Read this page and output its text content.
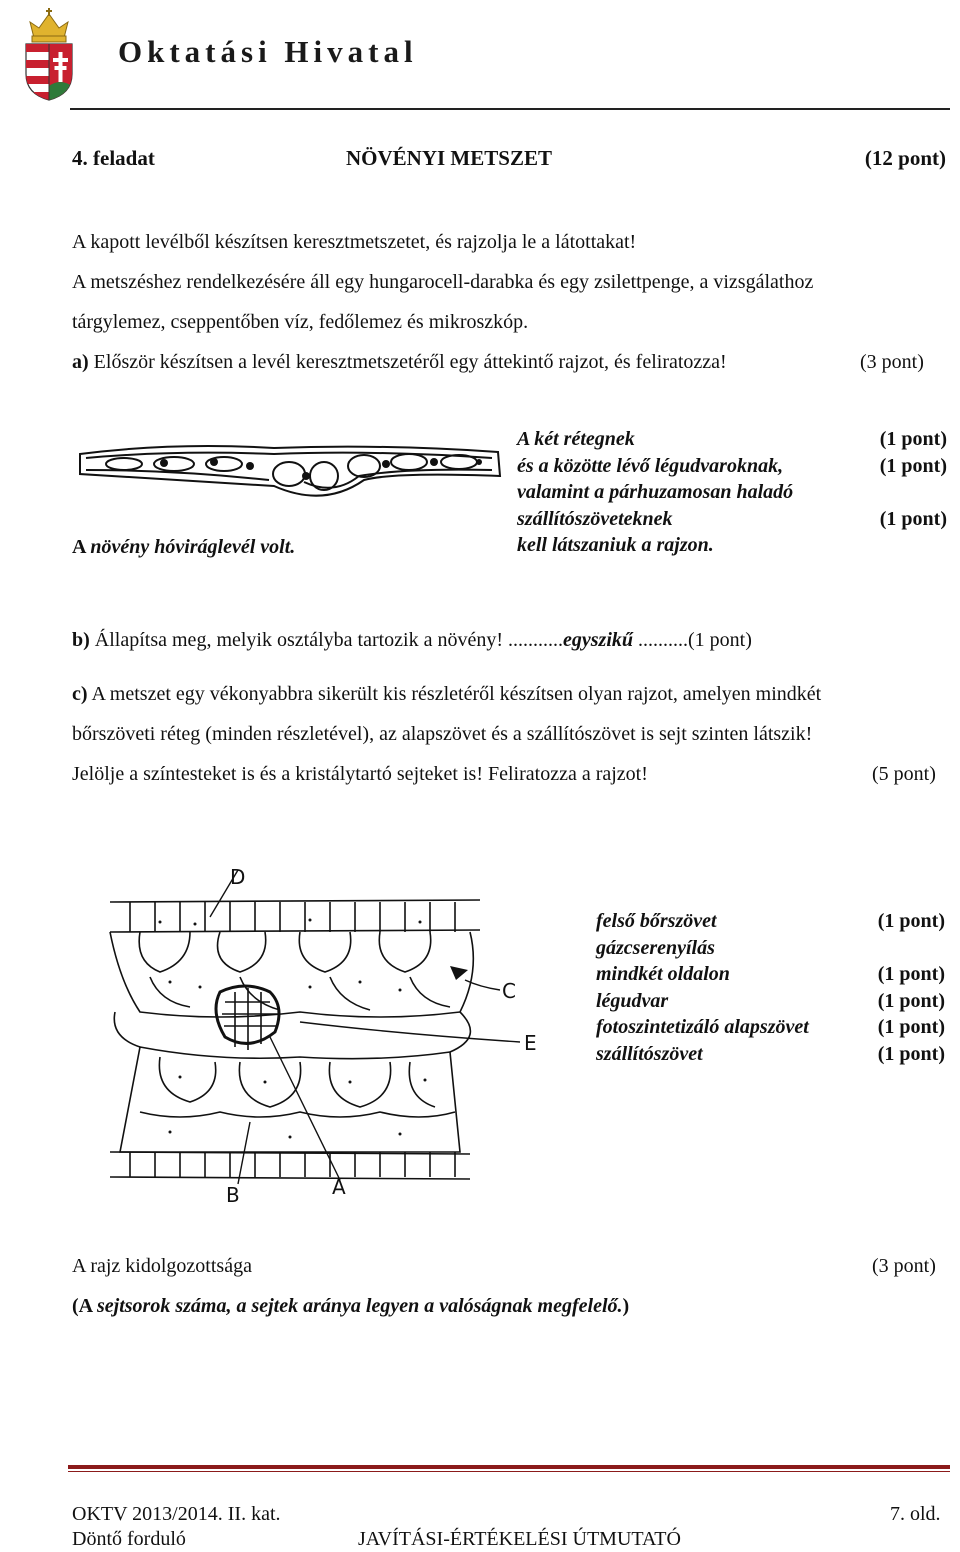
Oktatási Hivatal
4. feladat	NÖVÉNYI METSZET	(12 pont)
A kapott levélből készítsen keresztmetszetet, és rajzolja le a látottakat!
A metszéshez rendelkezésére áll egy hungarocell-darabka és egy zsilettpenge, a vizsgálathoz
tárgylemez, cseppentőben víz, fedőlemez és mikroszkóp.
a) Először készítsen a levél keresztmetszetéről egy áttekintő rajzot, és feliratozza!	(3 pont)
A növény hóviráglevél volt.
A két rétegnek	(1 pont)
és a közötte lévő légudvaroknak,	(1 pont)
valamint a párhuzamosan haladó
szállítószöveteknek	(1 pont)
kell látszaniuk a rajzon.
b) Állapítsa meg, melyik osztályba tartozik a növény! ...........egyszikű ..........(1 pont)
c) A metszet egy vékonyabbra sikerült kis részletéről készítsen olyan rajzot, amelyen mindkét
bőrszöveti réteg (minden részletével), az alapszövet és a szállítószövet is sejt szinten látszik!
Jelölje a színtesteket is és a kristálytartó sejteket is! Feliratozza a rajzot!	(5 pont)
D
C
E
B	A
felső bőrszövet	(1 pont)
gázcserenyílás
mindkét oldalon	(1 pont)
légudvar	(1 pont)
fotoszintetizáló alapszövet	(1 pont)
szállítószövet	(1 pont)
A rajz kidolgozottsága	(3 pont)
(A sejtsorok száma, a sejtek aránya legyen a valóságnak megfelelő.)
OKTV 2013/2014. II. kat.
Döntő forduló	JAVÍTÁSI-ÉRTÉKELÉSI ÚTMUTATÓ
7. old.
